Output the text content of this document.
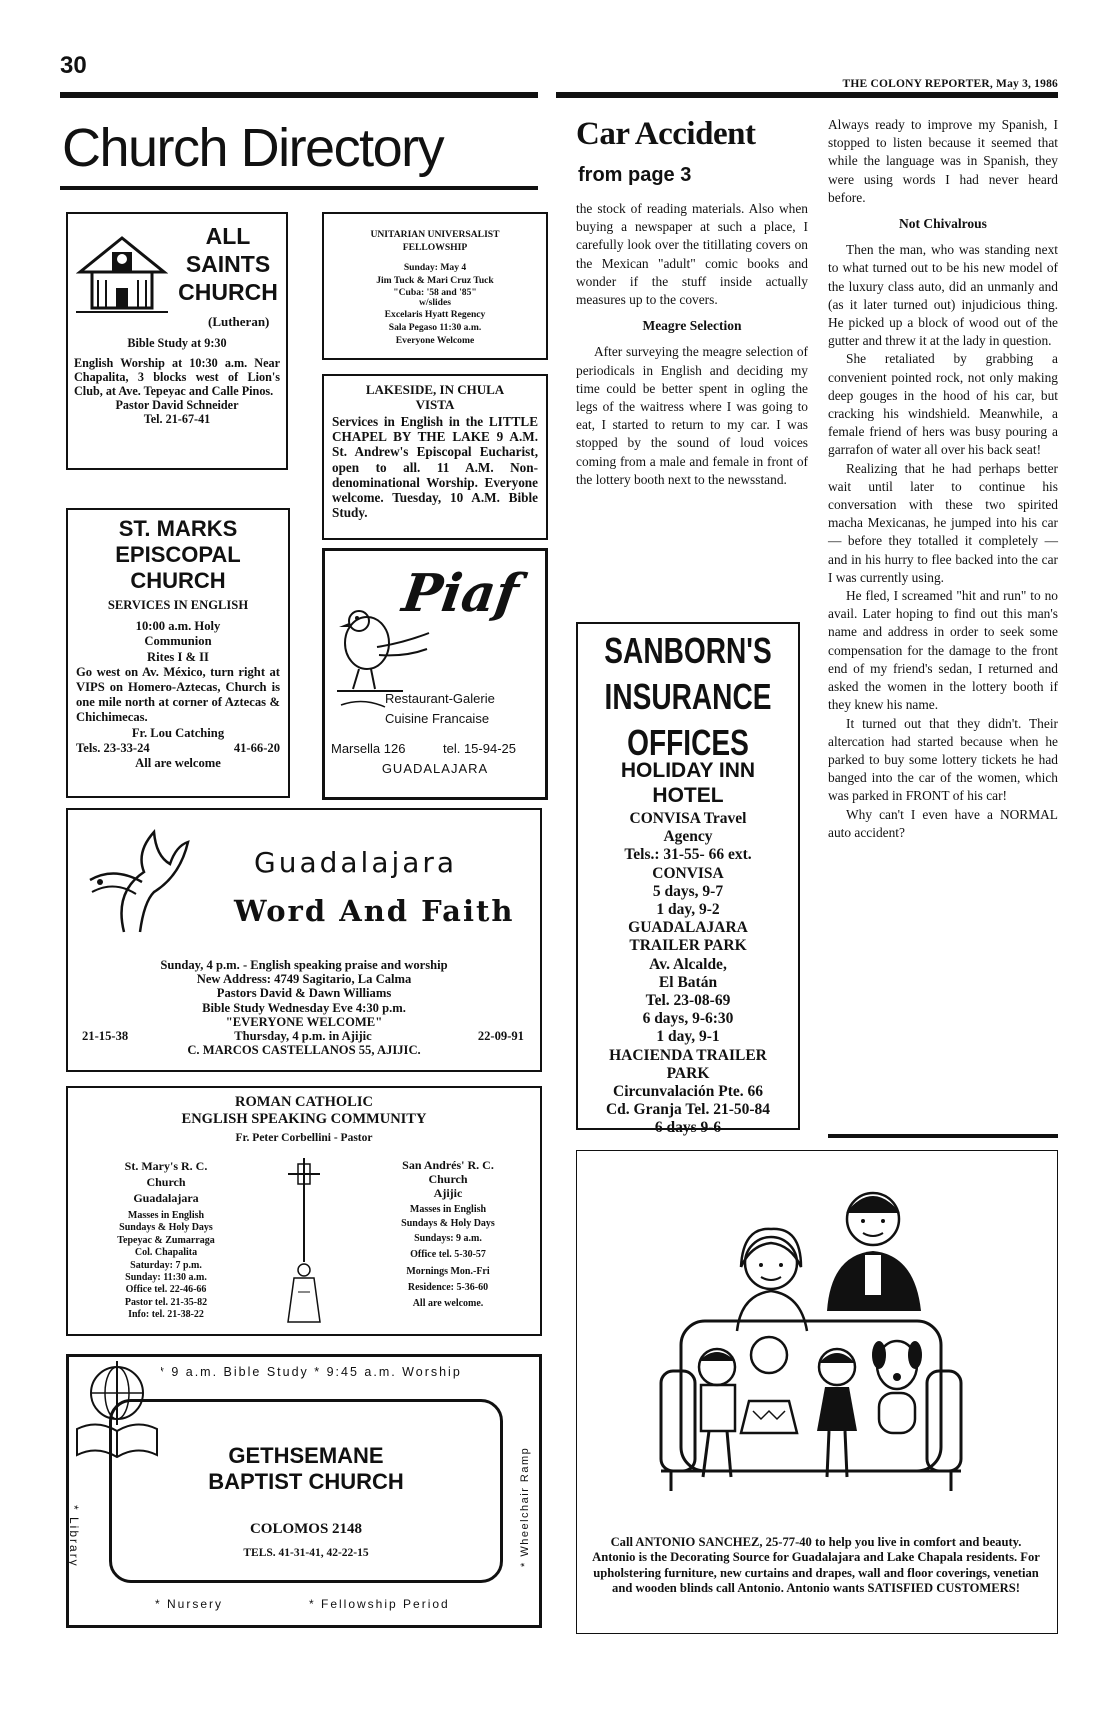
30
THE COLONY REPORTER, May 3, 1986
Church Directory
ALL
SAINTS
CHURCH
(Lutheran)
Bible Study at 9:30
English Worship at 10:30 a.m. Near Chapalita, 3 blocks west of Lion's Club, at Ave. Tepeyac and Calle Pinos.
Pastor David Schneider
Tel. 21-67-41
UNITARIAN UNIVERSALIST
FELLOWSHIP
Sunday: May 4
Jim Tuck & Mari Cruz Tuck
"Cuba: '58 and '85"
w/slides
Excelaris Hyatt Regency
Sala Pegaso 11:30 a.m.
Everyone Welcome
LAKESIDE, IN CHULA
VISTA
Services in English in the LITTLE CHAPEL BY THE LAKE 9 A.M. St. Andrew's Episcopal Eucharist, open to all. 11 A.M. Non-denominational Worship. Everyone welcome. Tuesday, 10 A.M. Bible Study.
ST. MARKS
EPISCOPAL
CHURCH
SERVICES IN ENGLISH
10:00 a.m. Holy
Communion
Rites I & II
Go west on Av. México, turn right at VIPS on Homero-Aztecas, Church is one mile north at corner of Aztecas & Chichimecas.
Fr. Lou Catching
Tels. 23-33-24	41-66-20
All are welcome
Piaf
Restaurant-Galerie
Cuisine Francaise
Marsella 126	tel. 15-94-25
GUADALAJARA
Guadalajara
Word And Faith
Sunday, 4 p.m. - English speaking praise and worship
New Address: 4749 Sagitario, La Calma
Pastors David & Dawn Williams
Bible Study Wednesday Eve 4:30 p.m.
"EVERYONE WELCOME"
21-15-38	Thursday, 4 p.m. in Ajijic	22-09-91
C. MARCOS CASTELLANOS 55, AJIJIC.
ROMAN CATHOLIC
ENGLISH SPEAKING COMMUNITY
Fr. Peter Corbellini - Pastor
St. Mary's R. C.
Church
Guadalajara
Masses in English
Sundays & Holy Days
Tepeyac & Zumarraga
Col. Chapalita
Saturday: 7 p.m.
Sunday: 11:30 a.m.
Office tel. 22-46-66
Pastor tel. 21-35-82
Info: tel. 21-38-22
San Andrés' R. C.
Church
Ajijic
Masses in English
Sundays & Holy Days
Sundays: 9 a.m.
Office tel. 5-30-57
Mornings Mon.-Fri
Residence: 5-36-60
All are welcome.
* 9 a.m. Bible Study * 9:45 a.m. Worship
GETHSEMANE
BAPTIST CHURCH
COLOMOS 2148
TELS. 41-31-41, 42-22-15
* Library	* Wheelchair Ramp
* Nursery	* Fellowship Period
Car Accident
from page 3

the stock of reading materials. Also when buying a newspaper at such a place, I carefully look over the titillating covers on the Mexican "adult" comic books and wonder if the stuff inside actually measures up to the covers.

Meagre Selection

After surveying the meagre selection of periodicals in English and deciding my time could be better spent in ogling the legs of the waitress where I was going to eat, I started to return to my car. I was stopped by the sound of loud voices coming from a male and female in front of the lottery booth next to the newsstand.

Always ready to improve my Spanish, I stopped to listen because it seemed that while the language was in Spanish, they were using words I had never heard before.

Not Chivalrous

Then the man, who was standing next to what turned out to be his new model of the luxury class auto, did an unmanly and (as it later turned out) injudicious thing. He picked up a block of wood out of the gutter and threw it at the lady in question.

She retaliated by grabbing a convenient pointed rock, not only making deep gouges in the hood of his car, but cracking his windshield. Meanwhile, a female friend of hers was busy pouring a garrafon of water all over his back seat!

Realizing that he had perhaps better wait until later to continue his conversation with these two spirited macha Mexicanas, he jumped into his car — before they totalled it completely — and in his hurry to flee backed into the car I was currently using.

He fled, I screamed "hit and run" to no avail. Later hoping to find out this man's name and address in order to seek some compensation for the damage to the front end of my friend's sedan, I returned and asked the women in the lottery booth if they knew his name.

It turned out that they didn't. Their altercation had started because when he parked to buy some lottery tickets he had banged into the car of the women, which was parked in FRONT of his car!

Why can't I even have a NORMAL auto accident?

SANBORN'S
INSURANCE
OFFICES
HOLIDAY INN
HOTEL
CONVISA Travel
Agency
Tels.: 31-55- 66 ext.
CONVISA
5 days, 9-7
1 day, 9-2
GUADALAJARA
TRAILER PARK
Av. Alcalde,
El Batán
Tel. 23-08-69
6 days, 9-6:30
1 day, 9-1
HACIENDA TRAILER
PARK
Circunvalación Pte. 66
Cd. Granja Tel. 21-50-84
6 days 9-6
Call ANTONIO SANCHEZ, 25-77-40 to help you live in comfort and beauty. Antonio is the Decorating Source for Guadalajara and Lake Chapala residents. For upholstering furniture, new curtains and drapes, wall and floor coverings, venetian and wooden blinds call Antonio. Antonio wants SATISFIED CUSTOMERS!
